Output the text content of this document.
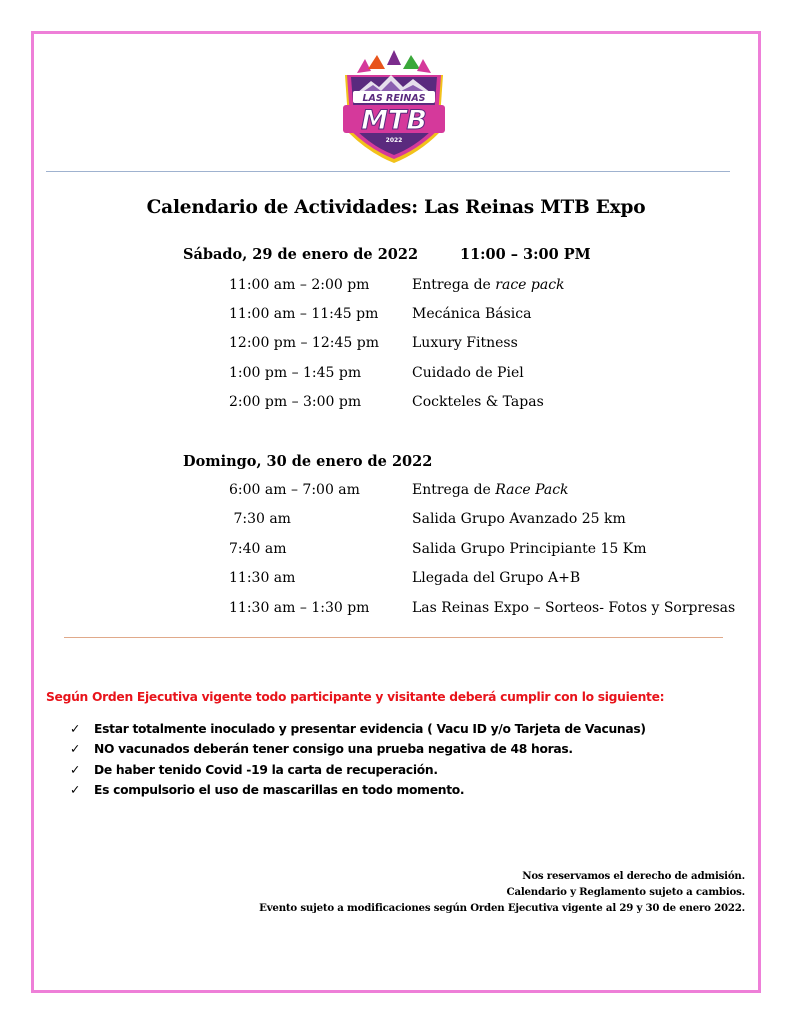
LAS REINAS
MTB
2022
Calendario de Actividades: Las Reinas MTB Expo
Sábado, 29 de enero de 2022	11:00 – 3:00 PM
11:00 am – 2:00 pm	Entrega de race pack
11:00 am – 11:45 pm Mecánica Básica
12:00 pm – 12:45 pm Luxury Fitness
1:00 pm – 1:45 pm	Cuidado de Piel
2:00 pm – 3:00 pm	Cockteles & Tapas
Domingo, 30 de enero de 2022
6:00 am – 7:00 am	Entrega de Race Pack
7:30 am	Salida Grupo Avanzado 25 km
7:40 am	Salida Grupo Principiante 15 Km
11:30 am	Llegada del Grupo A+B
11:30 am – 1:30 pm	Las Reinas Expo – Sorteos- Fotos y Sorpresas
Según Orden Ejecutiva vigente todo participante y visitante deberá cumplir con lo siguiente:
✓ Estar totalmente inoculado y presentar evidencia ( Vacu ID y/o Tarjeta de Vacunas)
✓ NO vacunados deberán tener consigo una prueba negativa de 48 horas.
✓ De haber tenido Covid -19 la carta de recuperación.
✓ Es compulsorio el uso de mascarillas en todo momento.
Nos reservamos el derecho de admisión.
Calendario y Reglamento sujeto a cambios.
Evento sujeto a modificaciones según Orden Ejecutiva vigente al 29 y 30 de enero 2022.
